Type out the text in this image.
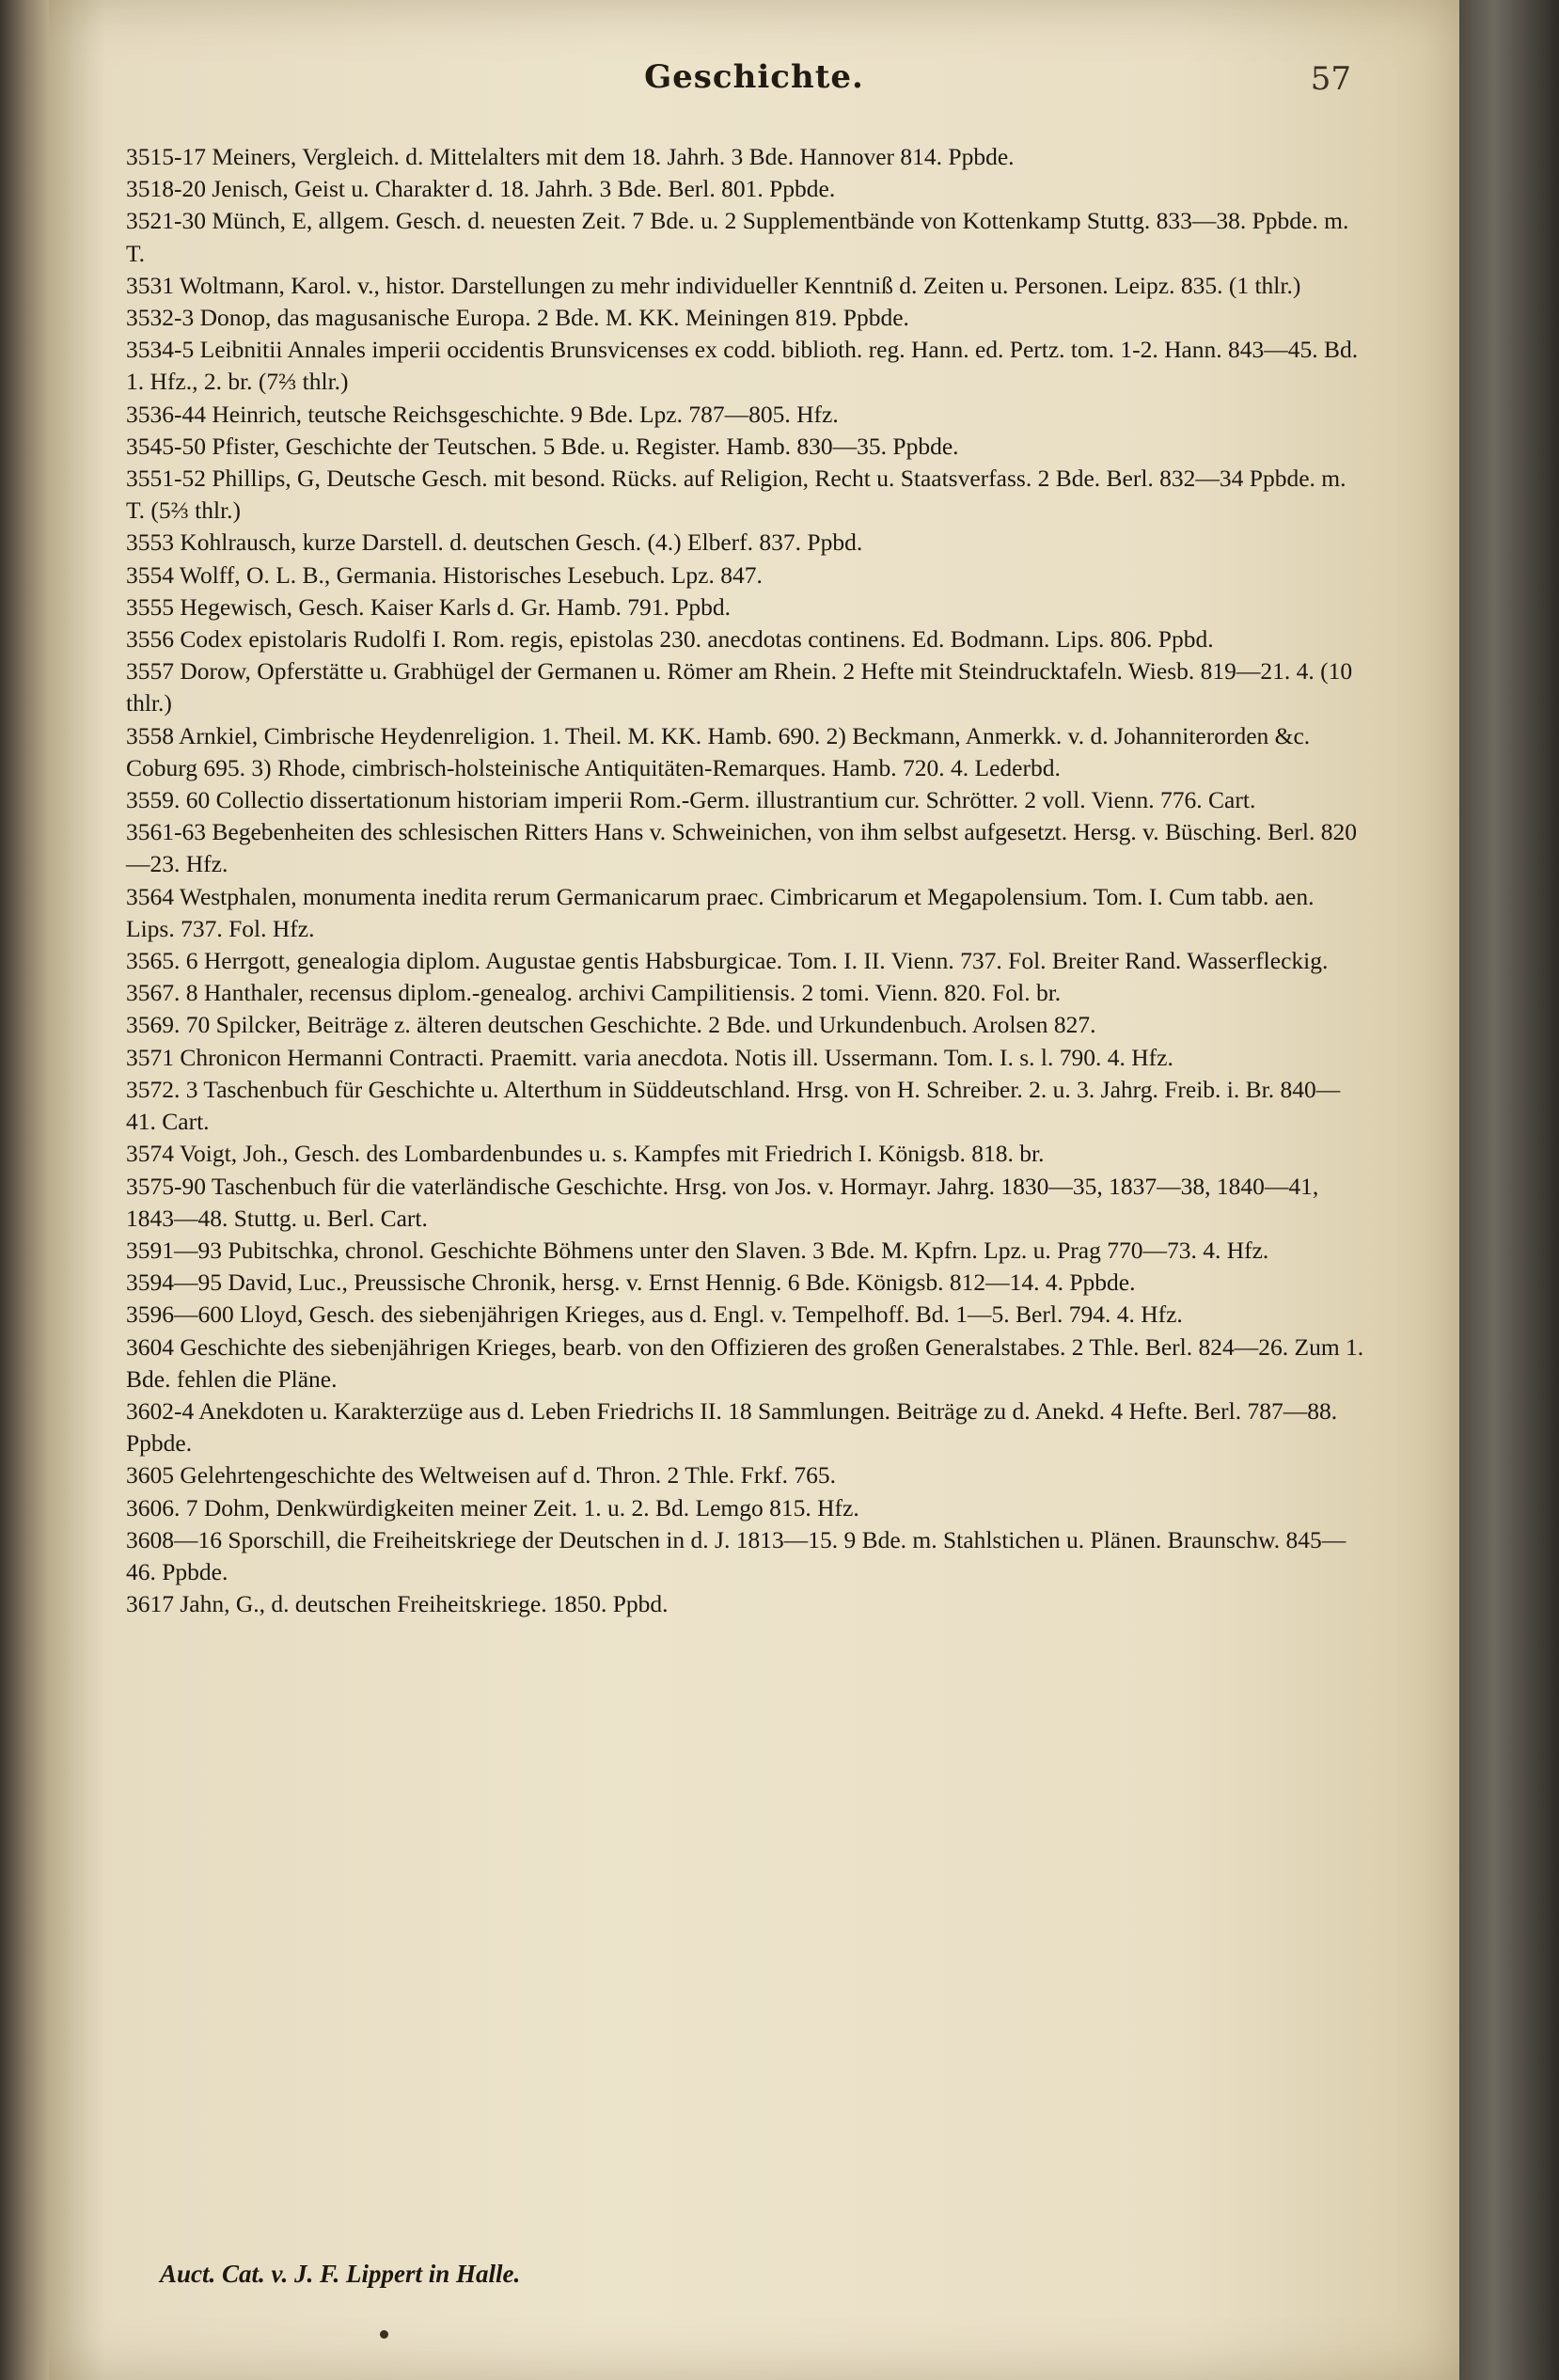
Geschichte.	57

3515-17 Meiners, Vergleich. d. Mittelalters mit dem 18. Jahrh. 3 Bde. Hannover 814. Ppbde.

3518-20 Jenisch, Geist u. Charakter d. 18. Jahrh. 3 Bde. Berl. 801. Ppbde.

3521-30 Münch, E, allgem. Gesch. d. neuesten Zeit. 7 Bde. u. 2 Supplementbände von Kottenkamp Stuttg. 833—38. Ppbde. m. T.

3531 Woltmann, Karol. v., histor. Darstellungen zu mehr individueller Kenntniß d. Zeiten u. Personen. Leipz. 835. (1 thlr.)

3532-3 Donop, das magusanische Europa. 2 Bde. M. KK. Meiningen 819. Ppbde.

3534-5 Leibnitii Annales imperii occidentis Brunsvicenses ex codd. biblioth. reg. Hann. ed. Pertz. tom. 1-2. Hann. 843—45. Bd. 1. Hfz., 2. br. (7⅔ thlr.)

3536-44 Heinrich, teutsche Reichsgeschichte. 9 Bde. Lpz. 787—805. Hfz.

3545-50 Pfister, Geschichte der Teutschen. 5 Bde. u. Register. Hamb. 830—35. Ppbde.

3551-52 Phillips, G, Deutsche Gesch. mit besond. Rücks. auf Religion, Recht u. Staatsverfass. 2 Bde. Berl. 832—34 Ppbde. m. T. (5⅔ thlr.)

3553 Kohlrausch, kurze Darstell. d. deutschen Gesch. (4.) Elberf. 837. Ppbd.

3554 Wolff, O. L. B., Germania. Historisches Lesebuch. Lpz. 847.

3555 Hegewisch, Gesch. Kaiser Karls d. Gr. Hamb. 791. Ppbd.

3556 Codex epistolaris Rudolfi I. Rom. regis, epistolas 230. anecdotas continens. Ed. Bodmann. Lips. 806. Ppbd.

3557 Dorow, Opferstätte u. Grabhügel der Germanen u. Römer am Rhein. 2 Hefte mit Steindrucktafeln. Wiesb. 819—21. 4. (10 thlr.)

3558 Arnkiel, Cimbrische Heydenreligion. 1. Theil. M. KK. Hamb. 690. 2) Beckmann, Anmerkk. v. d. Johanniterorden &c. Coburg 695. 3) Rhode, cimbrisch-holsteinische Antiquitäten-Remarques. Hamb. 720. 4. Lederbd.

3559. 60 Collectio dissertationum historiam imperii Rom.-Germ. illustrantium cur. Schrötter. 2 voll. Vienn. 776. Cart.

3561-63 Begebenheiten des schlesischen Ritters Hans v. Schweinichen, von ihm selbst aufgesetzt. Hersg. v. Büsching. Berl. 820—23. Hfz.

3564 Westphalen, monumenta inedita rerum Germanicarum praec. Cimbricarum et Megapolensium. Tom. I. Cum tabb. aen. Lips. 737. Fol. Hfz.

3565. 6 Herrgott, genealogia diplom. Augustae gentis Habsburgicae. Tom. I. II. Vienn. 737. Fol. Breiter Rand. Wasserfleckig.

3567. 8 Hanthaler, recensus diplom.-genealog. archivi Campilitiensis. 2 tomi. Vienn. 820. Fol. br.

3569. 70 Spilcker, Beiträge z. älteren deutschen Geschichte. 2 Bde. und Urkundenbuch. Arolsen 827.

3571 Chronicon Hermanni Contracti. Praemitt. varia anecdota. Notis ill. Ussermann. Tom. I. s. l. 790. 4. Hfz.

3572. 3 Taschenbuch für Geschichte u. Alterthum in Süddeutschland. Hrsg. von H. Schreiber. 2. u. 3. Jahrg. Freib. i. Br. 840—41. Cart.

3574 Voigt, Joh., Gesch. des Lombardenbundes u. s. Kampfes mit Friedrich I. Königsb. 818. br.

3575-90 Taschenbuch für die vaterländische Geschichte. Hrsg. von Jos. v. Hormayr. Jahrg. 1830—35, 1837—38, 1840—41, 1843—48. Stuttg. u. Berl. Cart.

3591—93 Pubitschka, chronol. Geschichte Böhmens unter den Slaven. 3 Bde. M. Kpfrn. Lpz. u. Prag 770—73. 4. Hfz.

3594—95 David, Luc., Preussische Chronik, hersg. v. Ernst Hennig. 6 Bde. Königsb. 812—14. 4. Ppbde.

3596—600 Lloyd, Gesch. des siebenjährigen Krieges, aus d. Engl. v. Tempelhoff. Bd. 1—5. Berl. 794. 4. Hfz.

3604 Geschichte des siebenjährigen Krieges, bearb. von den Offizieren des großen Generalstabes. 2 Thle. Berl. 824—26. Zum 1. Bde. fehlen die Pläne.

3602-4 Anekdoten u. Karakterzüge aus d. Leben Friedrichs II. 18 Sammlungen. Beiträge zu d. Anekd. 4 Hefte. Berl. 787—88. Ppbde.

3605 Gelehrtengeschichte des Weltweisen auf d. Thron. 2 Thle. Frkf. 765.

3606. 7 Dohm, Denkwürdigkeiten meiner Zeit. 1. u. 2. Bd. Lemgo 815. Hfz.

3608—16 Sporschill, die Freiheitskriege der Deutschen in d. J. 1813—15. 9 Bde. m. Stahlstichen u. Plänen. Braunschw. 845—46. Ppbde.

3617 Jahn, G., d. deutschen Freiheitskriege. 1850. Ppbd.

Auct. Cat. v. J. F. Lippert in Halle.
